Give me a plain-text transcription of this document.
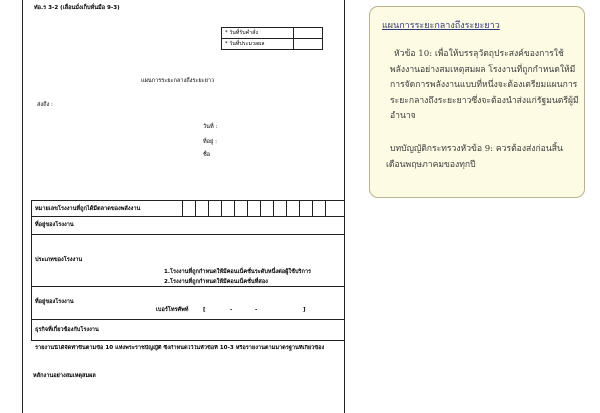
ท๋อ.ร 3-2 (เลื่อนมั่งเก็บหั่นมือ 9-3)
* วันที่รับคำสั่ง
* วันที่ประมวลผล
แผนการระยะกลางถึงระยะยาว
ส่งถึง :
วันที่ :
ที่อยู่ :
ชื่อ
หมายเลขโรงงานที่ถูกได้มีตลาดของพลังงาน
ที่อยู่ของโรงงาน
ประเภทของโรงงาน
1.โรงงานที่ถูกกำหนดให้มีคอนเน็คชั่นระดับหนึ่งต่อผู้ใช้บริการ
2.โรงงานที่ถูกกำหนดให้มีคอนเน็คชั่นที่สอง
ที่อยู่ของโรงงาน
เบอร์โทรศัพท์	[	-	-	]
ธุรกิจที่เกี่ยวข้องกับโรงงาน
รายงานนี้ได้จัดทำขึ้นตามข้อ 10 แห่งพระราชบัญญัติ ซึ่งกำหนดไว้ในหัวข้อที่ 10-3 หรือรายงานตามมาตรฐานที่เกี่ยวข้อง
หลักงานอย่างสมเหตุสมผล
แผนการระยะกลางถึงระยะยาว

หัวข้อ 10: เพื่อให้บรรลุวัตถุประสงค์ของการใช้พลังงานอย่างสมเหตุสมผล โรงงานที่ถูกกำหนดให้มีการจัดการพลังงานแบบที่หนึ่งจะต้องเตรียมแผนการระยะกลางถึงระยะยาวซึ่งจะต้องนำส่งแก่รัฐมนตรีผู้มีอำนาจ

บทบัญญัติกระทรวงหัวข้อ 9: ควรต้องส่งก่อนสิ้นเดือนพฤษภาคมของทุกปี
